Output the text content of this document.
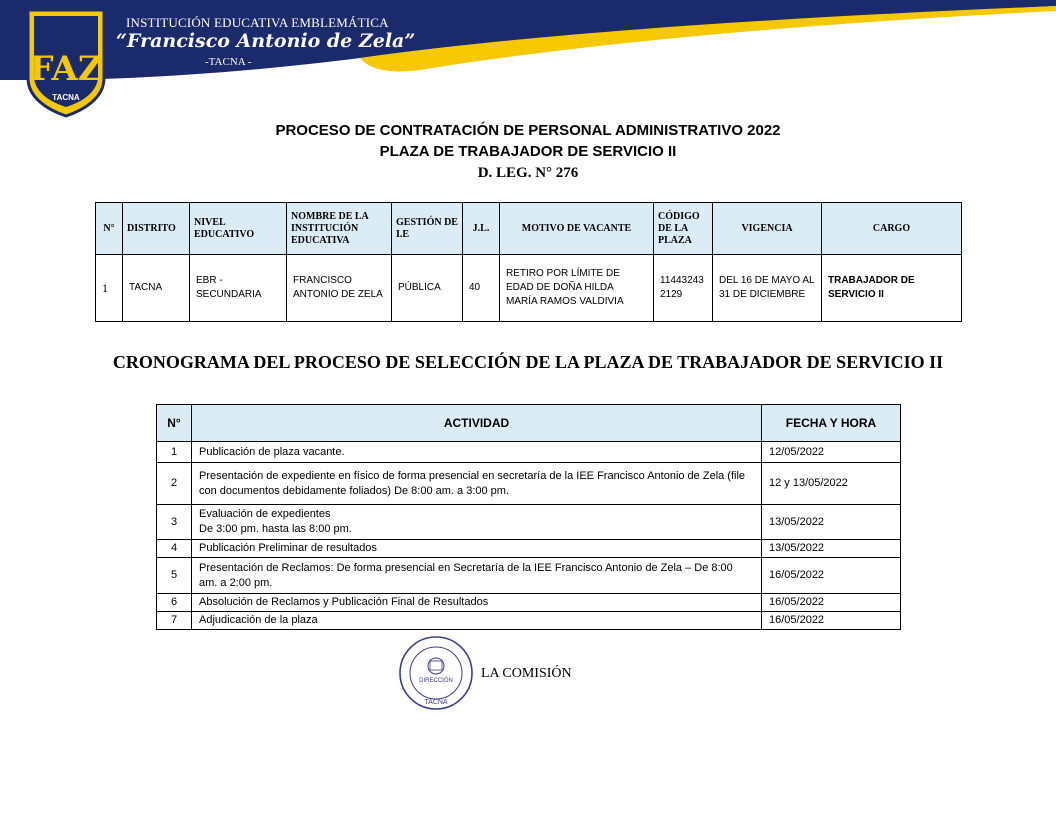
FAZ
TACNA
INSTITUCIÓN EDUCATIVA EMBLEMÁTICA
“Francisco Antonio de Zela”
-TACNA -
PROCESO DE CONTRATACIÓN DE PERSONAL ADMINISTRATIVO 2022
PLAZA DE TRABAJADOR DE SERVICIO II
D. LEG. N° 276
N°	DISTRITO	NIVEL EDUCATIVO	NOMBRE DE LA INSTITUCIÓN EDUCATIVA	GESTIÓN DE I.E	J.L.	MOTIVO DE VACANTE	CÓDIGO DE LA PLAZA	VIGENCIA	CARGO
1	TACNA	EBR - SECUNDARIA	FRANCISCO ANTONIO DE ZELA	PÚBLICA	40	RETIRO POR LÍMITE DE EDAD DE DOÑA HILDA MARÍA RAMOS VALDIVIA	11443243 2129	DEL 16 DE MAYO AL 31 DE DICIEMBRE	TRABAJADOR DE SERVICIO II
CRONOGRAMA DEL PROCESO DE SELECCIÓN DE LA PLAZA DE TRABAJADOR DE SERVICIO II
N°	ACTIVIDAD	FECHA Y HORA
1	Publicación de plaza vacante.	12/05/2022
2	Presentación de expediente en físico de forma presencial en secretaría de la IEE Francisco Antonio de Zela (file con documentos debidamente foliados) De 8:00 am. a 3:00 pm.	12 y 13/05/2022
3	Evaluación de expedientes
De 3:00 pm. hasta las 8:00 pm.	13/05/2022
4	Publicación Preliminar de resultados	13/05/2022
5	Presentación de Reclamos: De forma presencial en Secretaría de la IEE Francisco Antonio de Zela – De 8:00 am. a 2:00 pm.	16/05/2022
6	Absolución de Reclamos y Publicación Final de Resultados	16/05/2022
7	Adjudicación de la plaza	16/05/2022
DIRECCIÓN
TACNA
LA COMISIÓN
